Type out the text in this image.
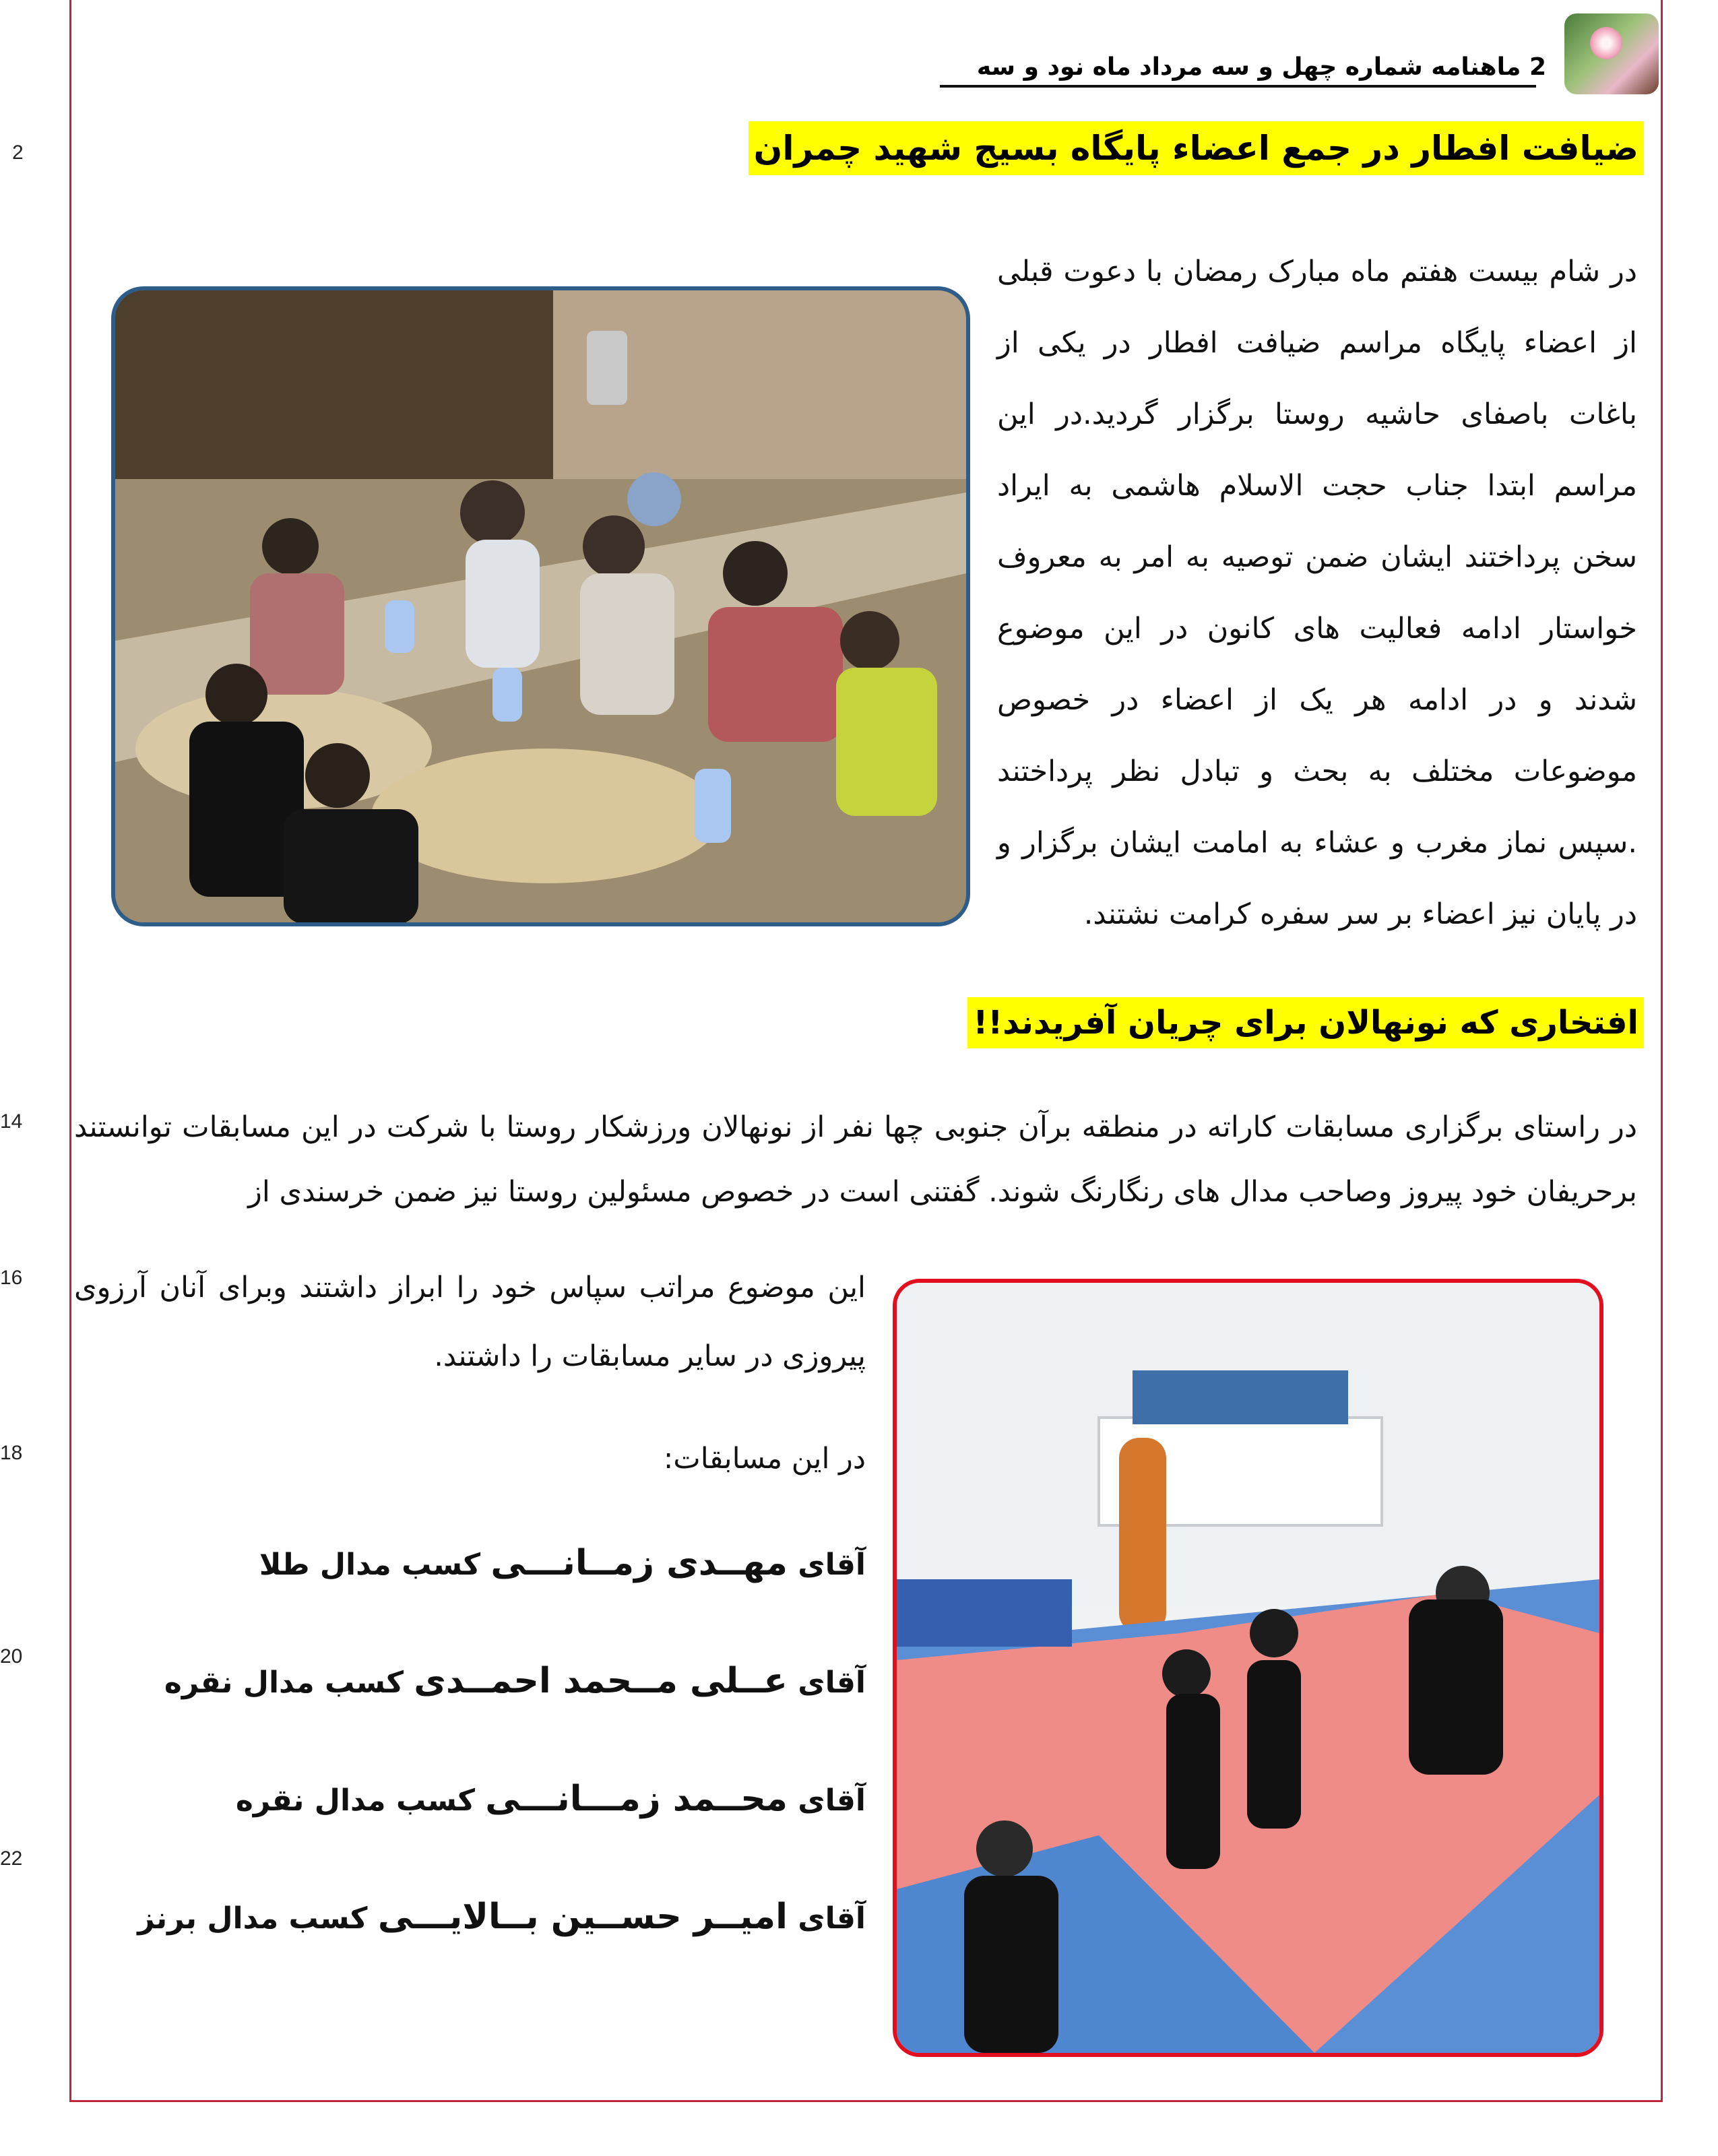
2
14
16
18
20
22
2 ماهنامه شماره چهل و سه مرداد ماه نود و سه
ضیافت افطار در جمع اعضاء پایگاه بسیج شهید چمران
در شام بیست هفتم ماه مبارک رمضان با دعوت قبلی از اعضاء پایگاه مراسم ضیافت افطار در یکی از باغات باصفای حاشیه روستا برگزار گردید.در این مراسم ابتدا جناب حجت الاسلام هاشمی به ایراد سخن پرداختند ایشان ضمن توصیه به امر به معروف خواستار ادامه فعالیت های کانون در این موضوع شدند و در ادامه هر یک از اعضاء در خصوص موضوعات مختلف به بحث و تبادل نظر پرداختند .سپس نماز مغرب و عشاء به امامت ایشان برگزار و در پایان نیز اعضاء بر سر سفره کرامت نشتند.
افتخاری که نونهالان برای چریان آفریدند!!
در راستای برگزاری مسابقات کاراته در منطقه برآن جنوبی چها نفر از نونهالان ورزشکار روستا با شرکت در این مسابقات توانستند برحریفان خود پیروز وصاحب مدال های رنگارنگ شوند. گفتنی است در خصوص مسئولین روستا نیز ضمن خرسندی از
این موضوع مراتب سپاس خود را ابراز داشتند وبرای آنان آرزوی پیروزی در سایر مسابقات را داشتند.
در این مسابقات:
آقای مهــدی زمــانـــی کسب مدال طلا
آقای عــلی مــحمد احمــدی کسب مدال نقره
آقای محــمد زمـــانـــی کسب مدال نقره
آقای امیــر حســین بــالایـــی کسب مدال برنز
